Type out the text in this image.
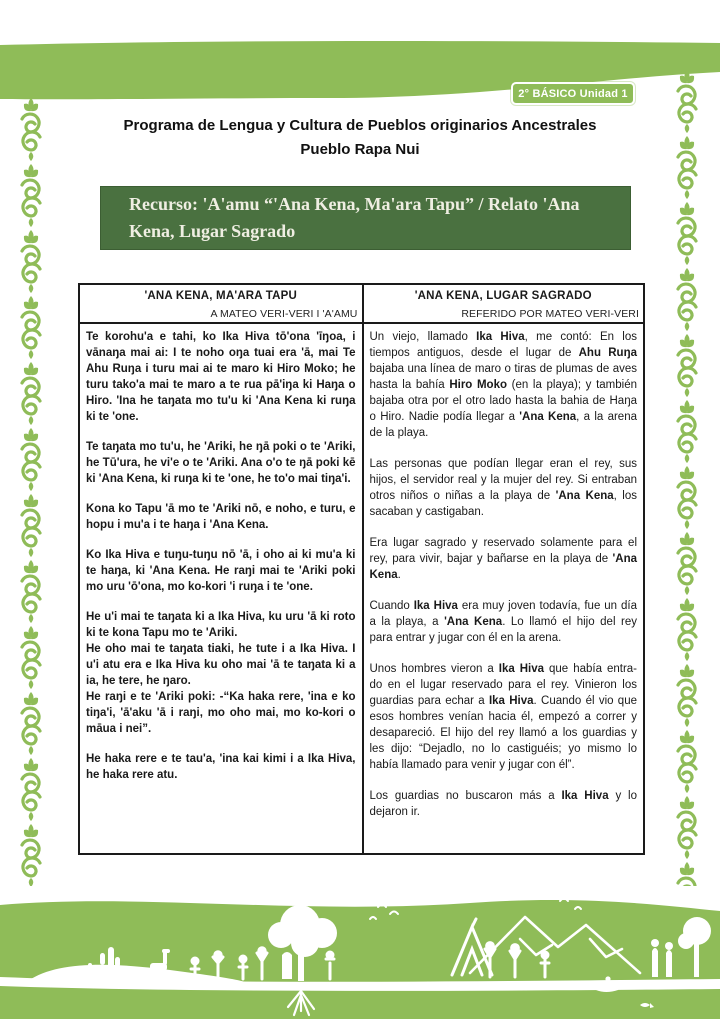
2° BÁSICO Unidad 1
Programa de Lengua y Cultura de Pueblos originarios Ancestrales
Pueblo Rapa Nui
Recurso: 'A'amu “'Ana Kena, Ma'ara Tapu” / Relato 'Ana Kena, Lugar Sagrado
'ANA KENA, MA'ARA TAPU
A MATEO VERI-VERI I 'A'AMU

Te korohu'a e tahi, ko Ika Hiva tō'ona 'īŋoa, i vānaŋa mai ai: I te noho oŋa tuai era 'ā, mai Te Ahu Ruŋa i turu mai ai te maro ki Hiro Moko; he turu tako'a mai te maro a te rua pā'iŋa ki Haŋa o Hiro. 'Ina he taŋata mo tu'u ki 'Ana Kena ki ruŋa ki te 'one.

Te taŋata mo tu'u, he 'Ariki, he ŋā poki o te 'Ariki, he Tū'ura, he vi'e o te 'Ariki. Ana o'o te ŋā poki kē ki 'Ana Kena, ki ruŋa ki te 'one, he to'o mai tiŋa'i.

Kona ko Tapu 'ā mo te 'Ariki nō, e noho, e turu, e hopu i mu'a i te haŋa i 'Ana Kena.

Ko Ika Hiva e tuŋu-tuŋu nō 'ā, i oho ai ki mu'a ki te haŋa, ki 'Ana Kena. He raŋi mai te 'Ariki poki mo uru 'ō'ona, mo ko-kori 'i ruŋa i te 'one.

He u'i mai te taŋata ki a Ika Hiva, ku uru 'ā ki roto ki te kona Tapu mo te 'Ariki.

He oho mai te taŋata tiaki, he tute i a Ika Hiva. I u'i atu era e Ika Hiva ku oho mai 'ā te taŋata ki a ia, he tere, he ŋaro.

He raŋi e te 'Ariki poki: -“Ka haka rere, 'ina e ko tiŋa'i, 'ā'aku 'ā i raŋi, mo oho mai, mo ko-kori o māua i nei”.

He haka rere e te tau'a, 'ina kai kimi i a Ika Hiva, he haka rere atu.

'ANA KENA, LUGAR SAGRADO
REFERIDO POR MATEO VERI-VERI

Un viejo, llamado Ika Hiva, me contó: En los tiempos antiguos, desde el lugar de Ahu Ruŋa bajaba una línea de maro o tiras de plumas de aves hasta la bahía Hiro Moko (en la playa); y también bajaba otra por el otro lado hasta la bahia de Haŋa o Hiro. Nadie podía llegar a 'Ana Kena, a la arena de la playa.

Las personas que podían llegar eran el rey, sus hijos, el servidor real y la mujer del rey. Si entraban otros niños o niñas a la playa de 'Ana Kena, los sacaban y castigaban.

Era lugar sagrado y reservado solamente para el rey, para vivir, bajar y bañarse en la playa de 'Ana Kena.

Cuando Ika Hiva era muy joven todavía, fue un día a la playa, a 'Ana Kena. Lo llamó el hijo del rey para entrar y jugar con él en la arena.

Unos hombres vieron a Ika Hiva que había entra- do en el lugar reservado para el rey. Vinieron los guardias para echar a Ika Hiva. Cuando él vio que esos hombres venían hacia él, empezó a correr y desapareció. El hijo del rey llamó a los guardias y les dijo: “Dejadlo, no lo castiguéis; yo mismo lo había llamado para venir y jugar con él”.

Los guardias no buscaron más a Ika Hiva y lo dejaron ir.
